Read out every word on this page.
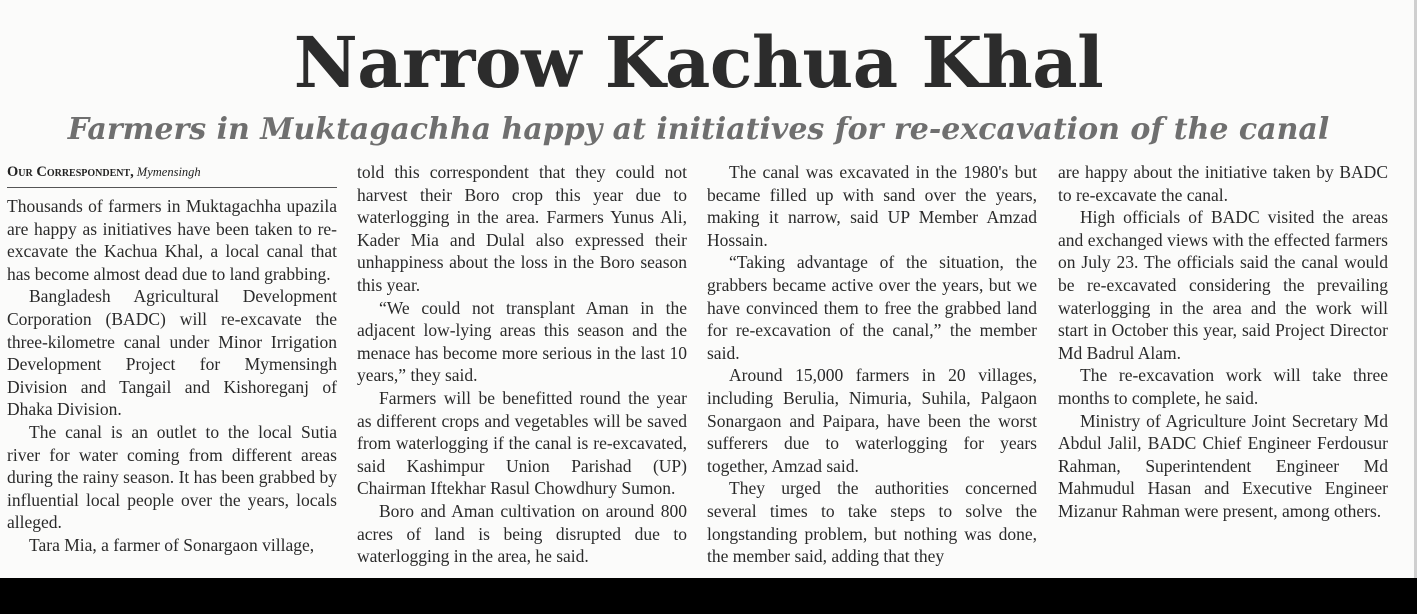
Narrow Kachua Khal
Farmers in Muktagachha happy at initiatives for re-excavation of the canal
Our Correspondent, Mymensingh

Thousands of farmers in Muktagachha upazila are happy as initiatives have been taken to re-excavate the Kachua Khal, a local canal that has become almost dead due to land grabbing.

Bangladesh Agricultural Development Corporation (BADC) will re-excavate the three-kilometre canal under Minor Irrigation Development Project for Mymensingh Division and Tangail and Kishoreganj of Dhaka Division.

The canal is an outlet to the local Sutia river for water coming from different areas during the rainy season. It has been grabbed by influential local people over the years, locals alleged.

Tara Mia, a farmer of Sonargaon village,

told this correspondent that they could not harvest their Boro crop this year due to waterlogging in the area. Farmers Yunus Ali, Kader Mia and Dulal also expressed their unhappiness about the loss in the Boro season this year.

“We could not transplant Aman in the adjacent low-lying areas this season and the menace has become more serious in the last 10 years,” they said.

Farmers will be benefitted round the year as different crops and vegetables will be saved from waterlogging if the canal is re-excavated, said Kashimpur Union Parishad (UP) Chairman Iftekhar Rasul Chowdhury Sumon.

Boro and Aman cultivation on around 800 acres of land is being disrupted due to waterlogging in the area, he said.

The canal was excavated in the 1980's but became filled up with sand over the years, making it narrow, said UP Member Amzad Hossain.

“Taking advantage of the situation, the grabbers became active over the years, but we have convinced them to free the grabbed land for re-excavation of the canal,” the member said.

Around 15,000 farmers in 20 villages, including Berulia, Nimuria, Suhila, Palgaon Sonargaon and Paipara, have been the worst sufferers due to waterlogging for years together, Amzad said.

They urged the authorities concerned several times to take steps to solve the longstanding problem, but nothing was done, the member said, adding that they

are happy about the initiative taken by BADC to re-excavate the canal.

High officials of BADC visited the areas and exchanged views with the effected farmers on July 23. The officials said the canal would be re-excavated considering the prevailing waterlogging in the area and the work will start in October this year, said Project Director Md Badrul Alam.

The re-excavation work will take three months to complete, he said.

Ministry of Agriculture Joint Secretary Md Abdul Jalil, BADC Chief Engineer Ferdousur Rahman, Superintendent Engineer Md Mahmudul Hasan and Executive Engineer Mizanur Rahman were present, among others.
